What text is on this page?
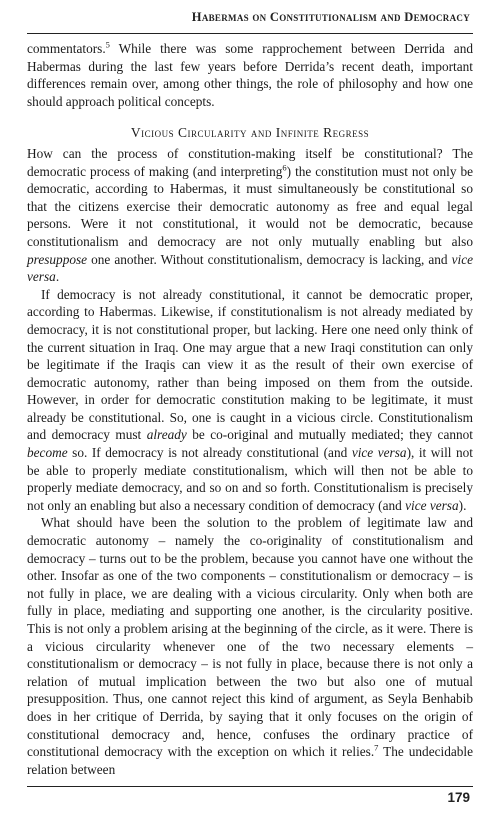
Habermas on Constitutionalism and Democracy

commentators.$^5$ While there was some rapprochement between Derrida and Habermas during the last few years before Derrida’s recent death, important differences remain over, among other things, the role of philosophy and how one should approach political concepts.

Vicious Circularity and Infinite Regress

How can the process of constitution-making itself be constitutional? The democratic process of making (and interpreting$^6$) the constitution must not only be democratic, according to Habermas, it must simultaneously be constitutional so that the citizens exercise their democratic autonomy as free and equal legal persons. Were it not constitutional, it would not be democratic, because constitutionalism and democracy are not only mutually enabling but also presuppose one another. Without constitutionalism, democracy is lacking, and vice versa.

If democracy is not already constitutional, it cannot be democratic proper, according to Habermas. Likewise, if constitutionalism is not already mediated by democracy, it is not constitutional proper, but lacking. Here one need only think of the current situation in Iraq. One may argue that a new Iraqi constitution can only be legitimate if the Iraqis can view it as the result of their own exercise of democratic autonomy, rather than being imposed on them from the outside. However, in order for democratic constitution making to be legitimate, it must already be constitutional. So, one is caught in a vicious circle. Constitutionalism and democracy must already be co-original and mutually mediated; they cannot become so. If democracy is not already constitutional (and vice versa), it will not be able to properly mediate constitutionalism, which will then not be able to properly mediate democracy, and so on and so forth. Constitutionalism is precisely not only an enabling but also a necessary condition of democracy (and vice versa).

What should have been the solution to the problem of legitimate law and democratic autonomy – namely the co-originality of constitutionalism and democracy – turns out to be the problem, because you cannot have one without the other. Insofar as one of the two components – constitutionalism or democracy – is not fully in place, we are dealing with a vicious circularity. Only when both are fully in place, mediating and supporting one another, is the circularity positive. This is not only a problem arising at the beginning of the circle, as it were. There is a vicious circularity whenever one of the two necessary elements – constitutionalism or democracy – is not fully in place, because there is not only a relation of mutual implication between the two but also one of mutual presupposition. Thus, one cannot reject this kind of argument, as Seyla Benhabib does in her critique of Derrida, by saying that it only focuses on the origin of constitutional democracy and, hence, confuses the ordinary practice of constitutional democracy with the exception on which it relies.$^7$ The undecidable relation between

179
